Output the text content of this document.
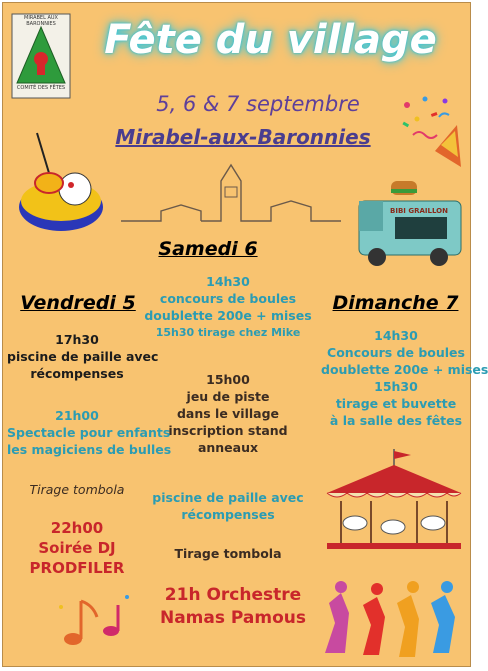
MIRABEL AUX BARONNIES
COMITÉ DES FÊTES
Fête du village
5, 6 & 7 septembre
Mirabel-aux-Baronnies
BIBI GRAILLON
Samedi 6
14h30
concours de boules
doublette 200e + mises
15h30 tirage chez Mike
15h00
jeu de piste
dans le village
inscription stand
anneaux
piscine de paille avec
récompenses
Tirage tombola
21h Orchestre
Namas Pamous
Vendredi 5
17h30
piscine de paille avec
récompenses
21h00
Spectacle pour enfants
les magiciens de bulles
Tirage tombola
22h00
Soirée DJ
PRODFILER
Dimanche 7
14h30
Concours de boules
doublette 200e + mises
15h30
tirage et buvette
à la salle des fêtes
